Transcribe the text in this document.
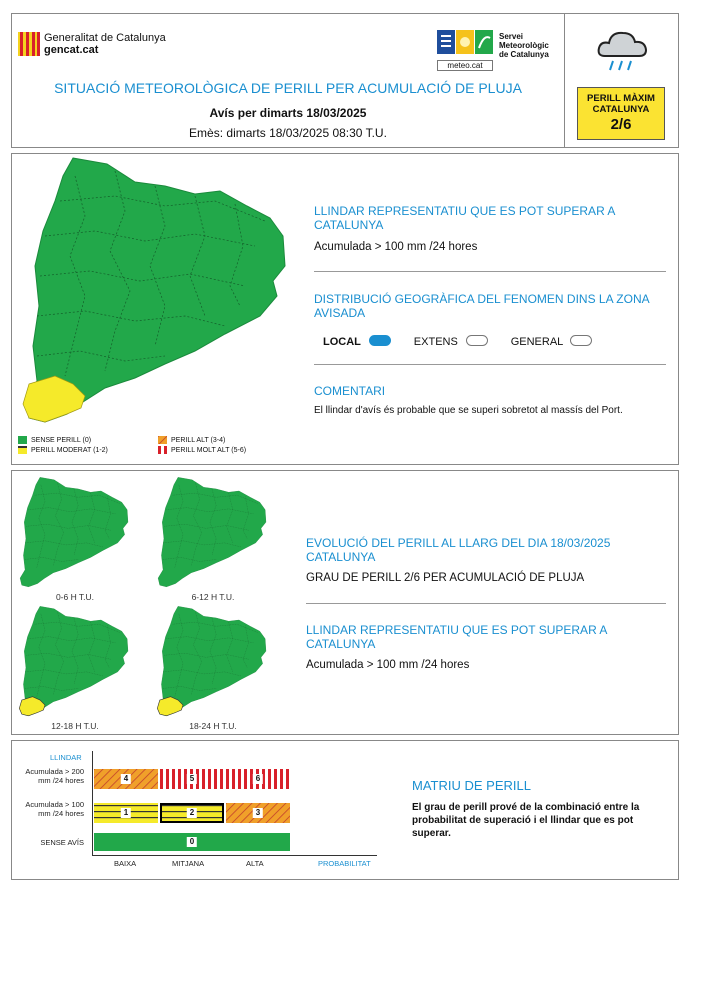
Generalitat de Catalunya
gencat.cat
meteo.cat
Servei
Meteorològic
de Catalunya
SITUACIÓ METEOROLÒGICA DE PERILL PER ACUMULACIÓ DE PLUJA
Avís per dimarts 18/03/2025
Emès: dimarts 18/03/2025 08:30 T.U.
PERILL MÀXIM
CATALUNYA
2/6
SENSE PERILL (0)
PERILL MODERAT (1-2)
PERILL ALT (3-4)
PERILL MOLT ALT (5-6)
LLINDAR REPRESENTATIU QUE ES POT SUPERAR A CATALUNYA
Acumulada > 100 mm /24 hores
DISTRIBUCIÓ GEOGRÀFICA DEL FENOMEN DINS LA ZONA AVISADA
LOCAL	EXTENS	GENERAL
COMENTARI
El llindar d'avís és probable que se superi sobretot al massís del Port.
0-6 H T.U.	6-12 H T.U.
12-18 H T.U.	18-24 H T.U.
EVOLUCIÓ DEL PERILL AL LLARG DEL DIA 18/03/2025 CATALUNYA
GRAU DE PERILL 2/6 PER ACUMULACIÓ DE PLUJA
LLINDAR REPRESENTATIU QUE ES POT SUPERAR A CATALUNYA
Acumulada > 100 mm /24 hores
LLINDAR
Acumulada > 200 mm /24 hores
Acumulada > 100 mm /24 hores
SENSE AVÍS
4	5	6
1	2	3
0
BAIXA	MITJANA	ALTA	PROBABILITAT
MATRIU DE PERILL
El grau de perill prové de la combinació entre la probabilitat de superació i el llindar que es pot superar.
